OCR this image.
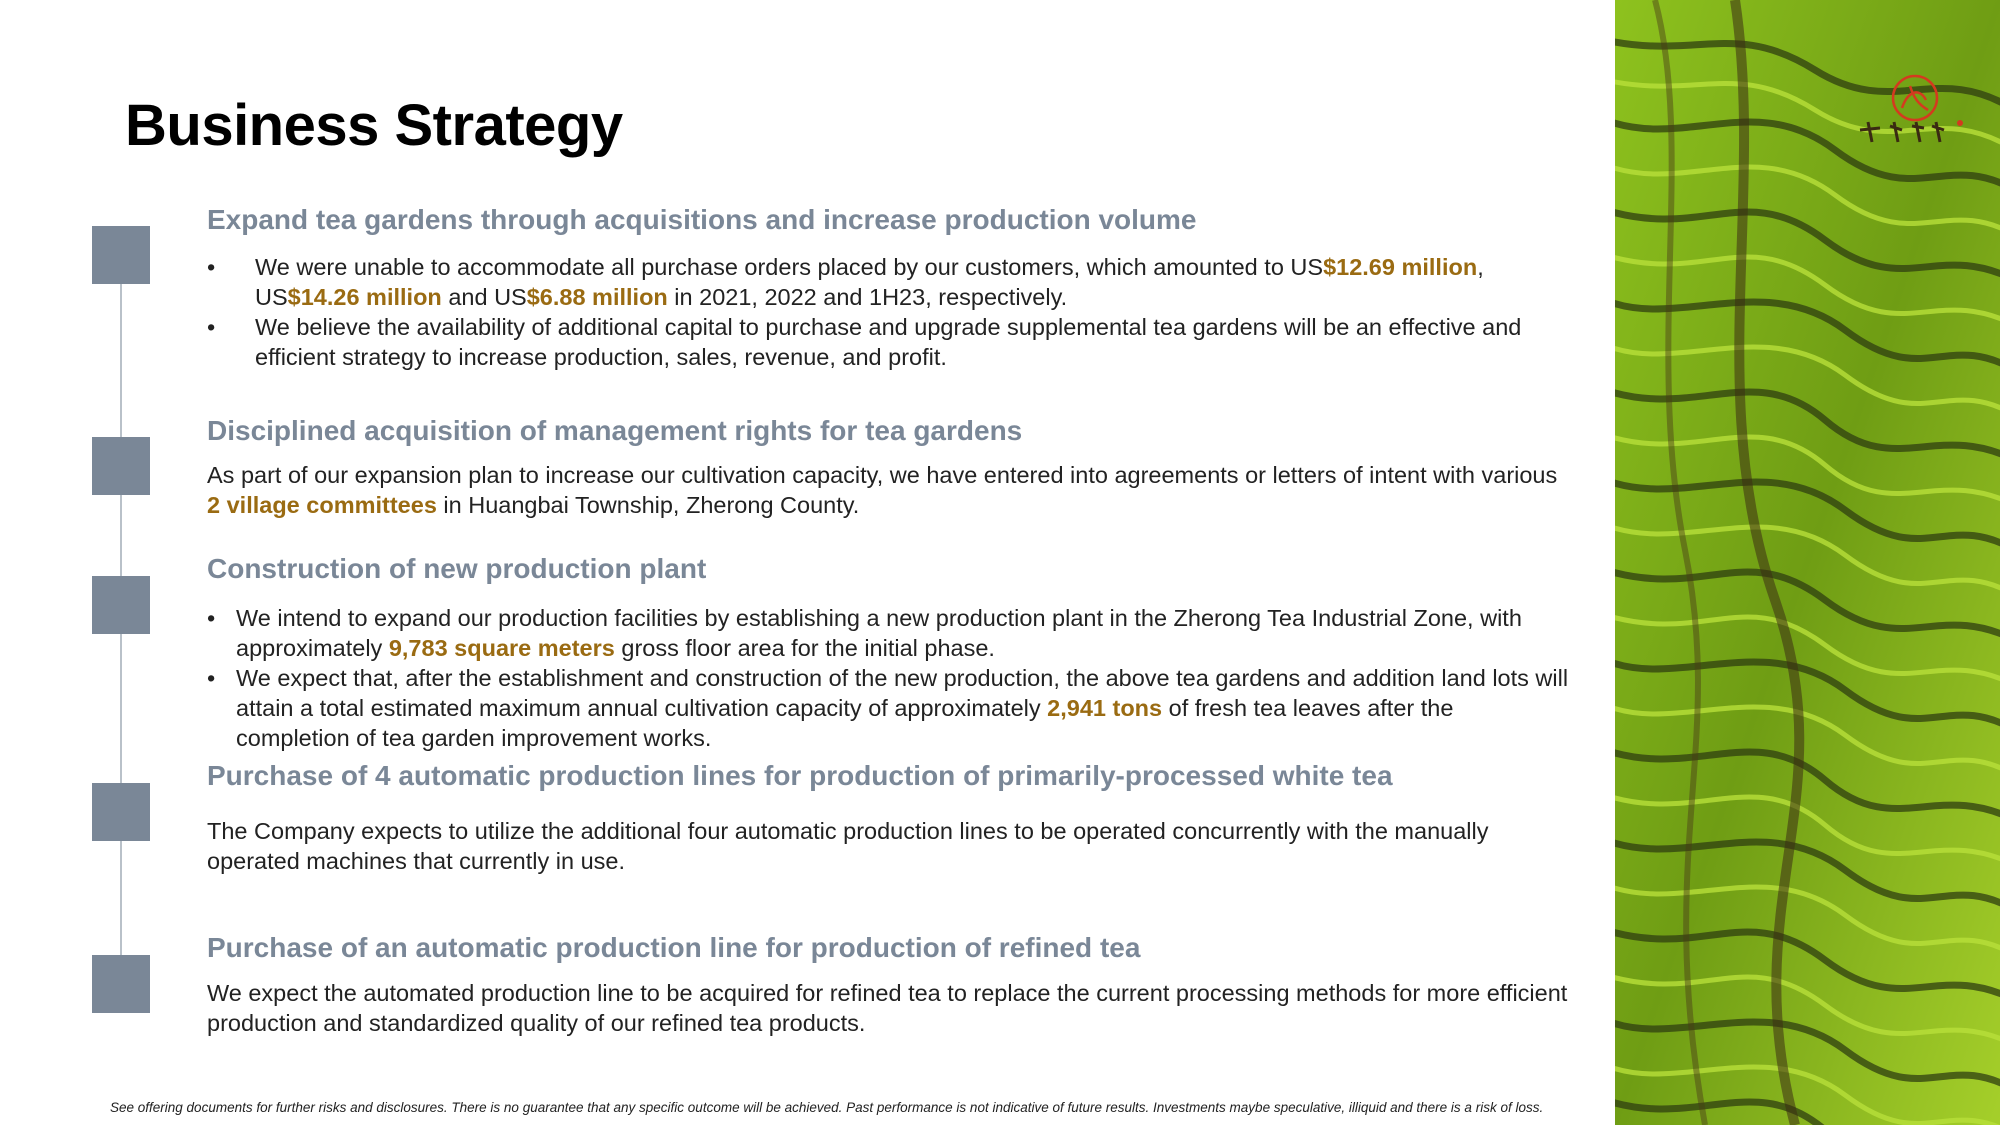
Business Strategy
Expand tea gardens through acquisitions and increase production volume
• We were unable to accommodate all purchase orders placed by our customers, which amounted to US$12.69 million, US$14.26 million and US$6.88 million in 2021, 2022 and 1H23, respectively.
• We believe the availability of additional capital to purchase and upgrade supplemental tea gardens will be an effective and efficient strategy to increase production, sales, revenue, and profit.
Disciplined acquisition of management rights for tea gardens

As part of our expansion plan to increase our cultivation capacity, we have entered into agreements or letters of intent with various 2 village committees in Huangbai Township, Zherong County.

Construction of new production plant
• We intend to expand our production facilities by establishing a new production plant in the Zherong Tea Industrial Zone, with approximately 9,783 square meters gross floor area for the initial phase.
• We expect that, after the establishment and construction of the new production, the above tea gardens and addition land lots will attain a total estimated maximum annual cultivation capacity of approximately 2,941 tons of fresh tea leaves after the completion of tea garden improvement works.
Purchase of 4 automatic production lines for production of primarily-processed white tea

The Company expects to utilize the additional four automatic production lines to be operated concurrently with the manually operated machines that currently in use.

Purchase of an automatic production line for production of refined tea

We expect the automated production line to be acquired for refined tea to replace the current processing methods for more efficient production and standardized quality of our refined tea products.

See offering documents for further risks and disclosures. There is no guarantee that any specific outcome will be achieved. Past performance is not indicative of future results. Investments maybe speculative, illiquid and there is a risk of loss.
